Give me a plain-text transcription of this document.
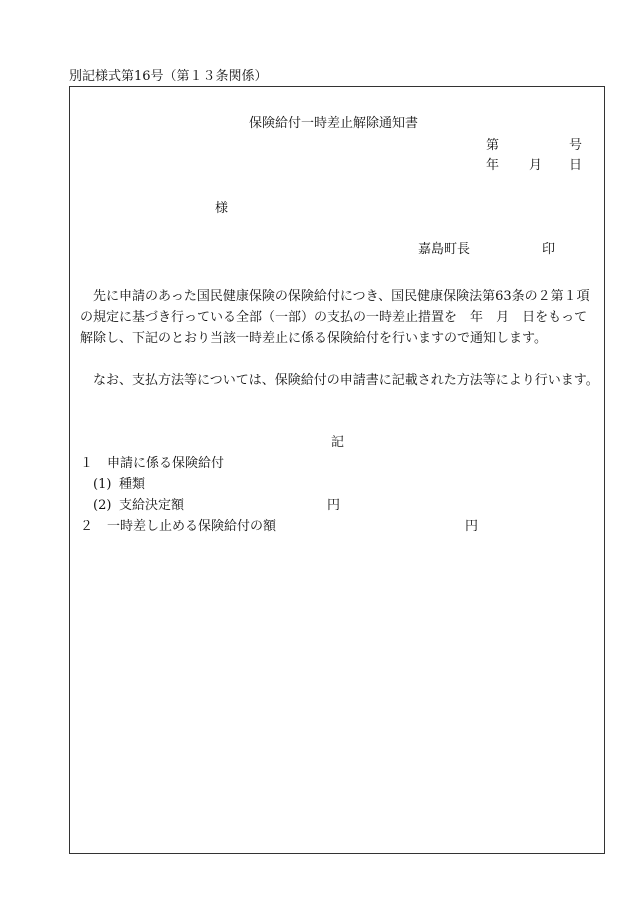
別記様式第16号（第１３条関係）
保険給付一時差止解除通知書
第	号
年 月 日
様
嘉島町長	印

先に申請のあった国民健康保険の保険給付につき、国民健康保険法第63条の２第１項の規定に基づき行っている全部（一部）の支払の一時差止措置を　 年　 月　 日をもって解除し、下記のとおり当該一時差止に係る保険給付を行いますので通知します。

なお、支払方法等については、保険給付の申請書に記載された方法等により行います。

記
１ 申請に係る保険給付
(1) 種類
(2) 支給決定額	円
２ 一時差し止める保険給付の額	円
